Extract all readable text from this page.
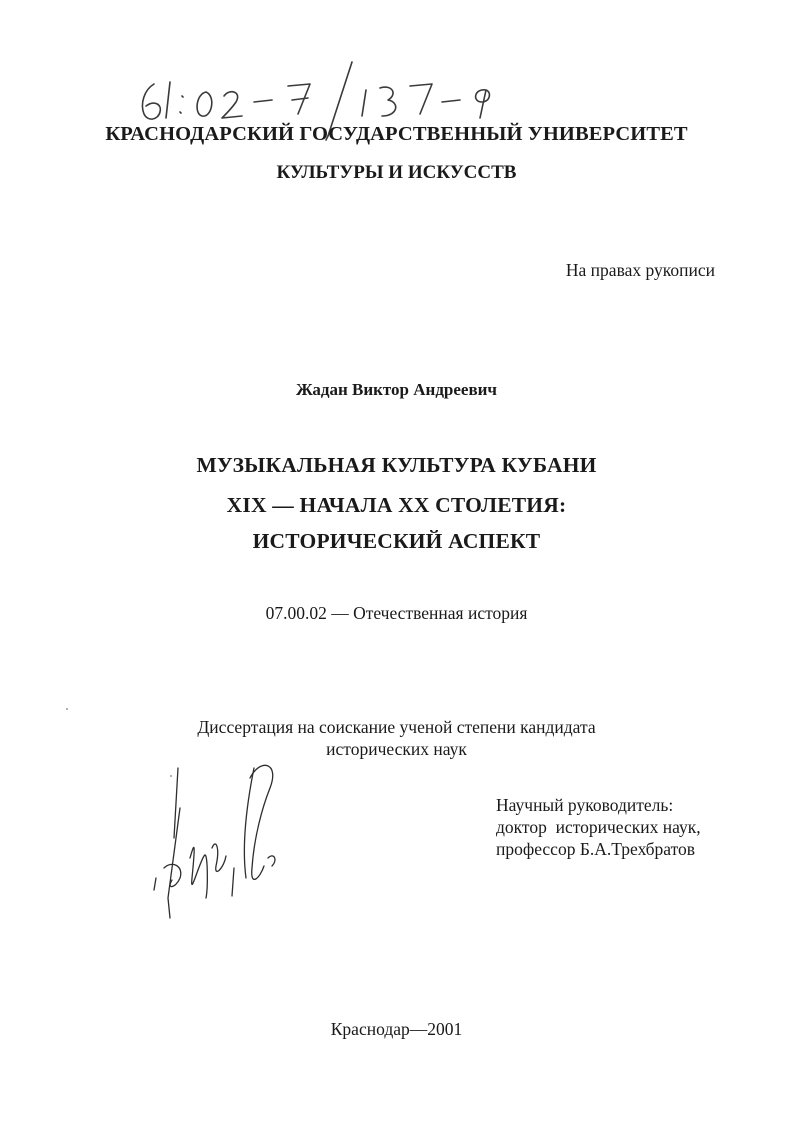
КРАСНОДАРСКИЙ ГОСУДАРСТВЕННЫЙ УНИВЕРСИТЕТ
КУЛЬТУРЫ И ИСКУССТВ
На правах рукописи
Жадан Виктор Андреевич
МУЗЫКАЛЬНАЯ КУЛЬТУРА КУБАНИ
XIX — НАЧАЛА XX СТОЛЕТИЯ:
ИСТОРИЧЕСКИЙ АСПЕКТ
07.00.02 — Отечественная история
Диссертация на соискание ученой степени кандидата
исторических наук
Научный руководитель:
доктор  исторических наук,
профессор Б.А.Трехбратов
Краснодар—2001
